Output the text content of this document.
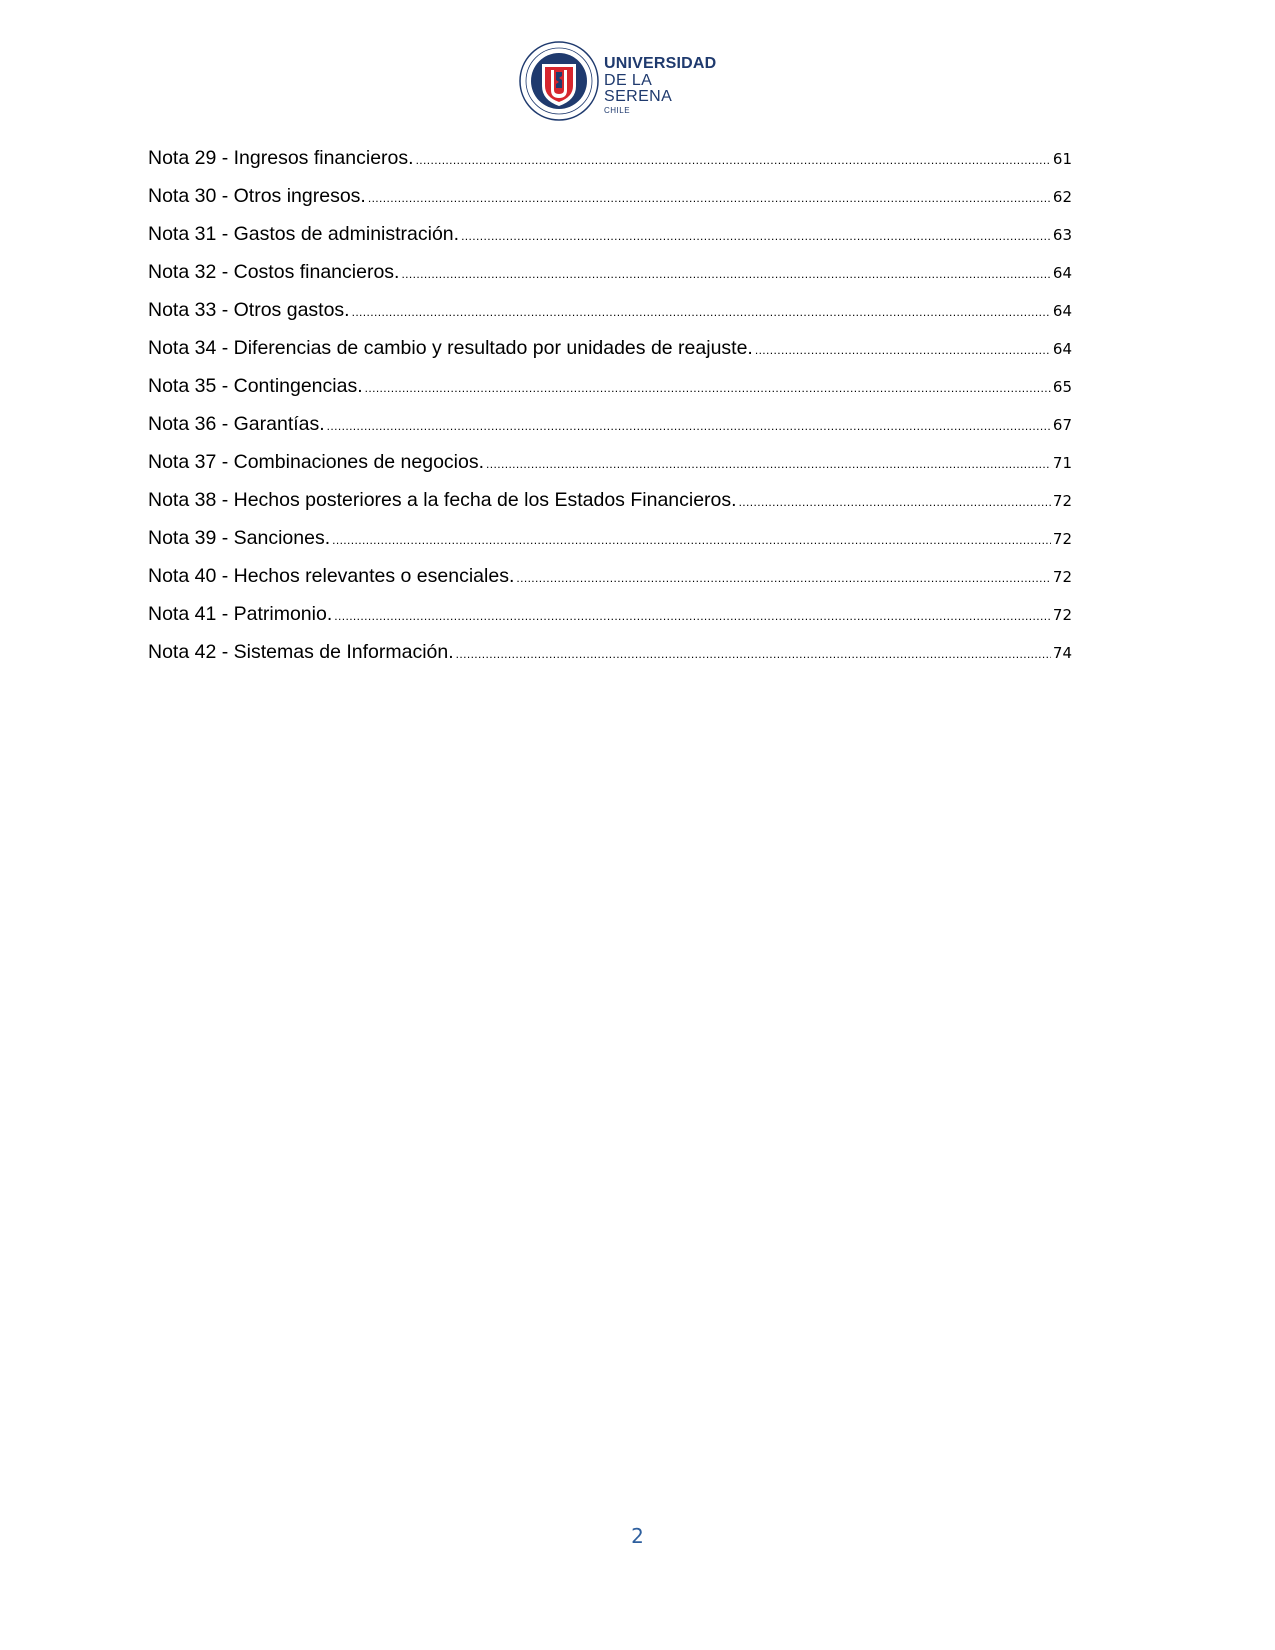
UNIVERSIDAD
DE LA SERENA
CHILE
Nota 29 - Ingresos financieros. .....	61
Nota 30 - Otros ingresos. .....	62
Nota 31 - Gastos de administración. .....	63
Nota 32 - Costos financieros. .....	64
Nota 33 - Otros gastos. .....	64
Nota 34 - Diferencias de cambio y resultado por unidades de reajuste. .....	64
Nota 35 - Contingencias. .....	65
Nota 36 - Garantías. .....	67
Nota 37 - Combinaciones de negocios. .....	71
Nota 38 - Hechos posteriores a la fecha de los Estados Financieros. .....	72
Nota 39 - Sanciones. .....	72
Nota 40 - Hechos relevantes o esenciales. .....	72
Nota 41 - Patrimonio. .....	72
Nota 42 - Sistemas de Información. .....	74
2
